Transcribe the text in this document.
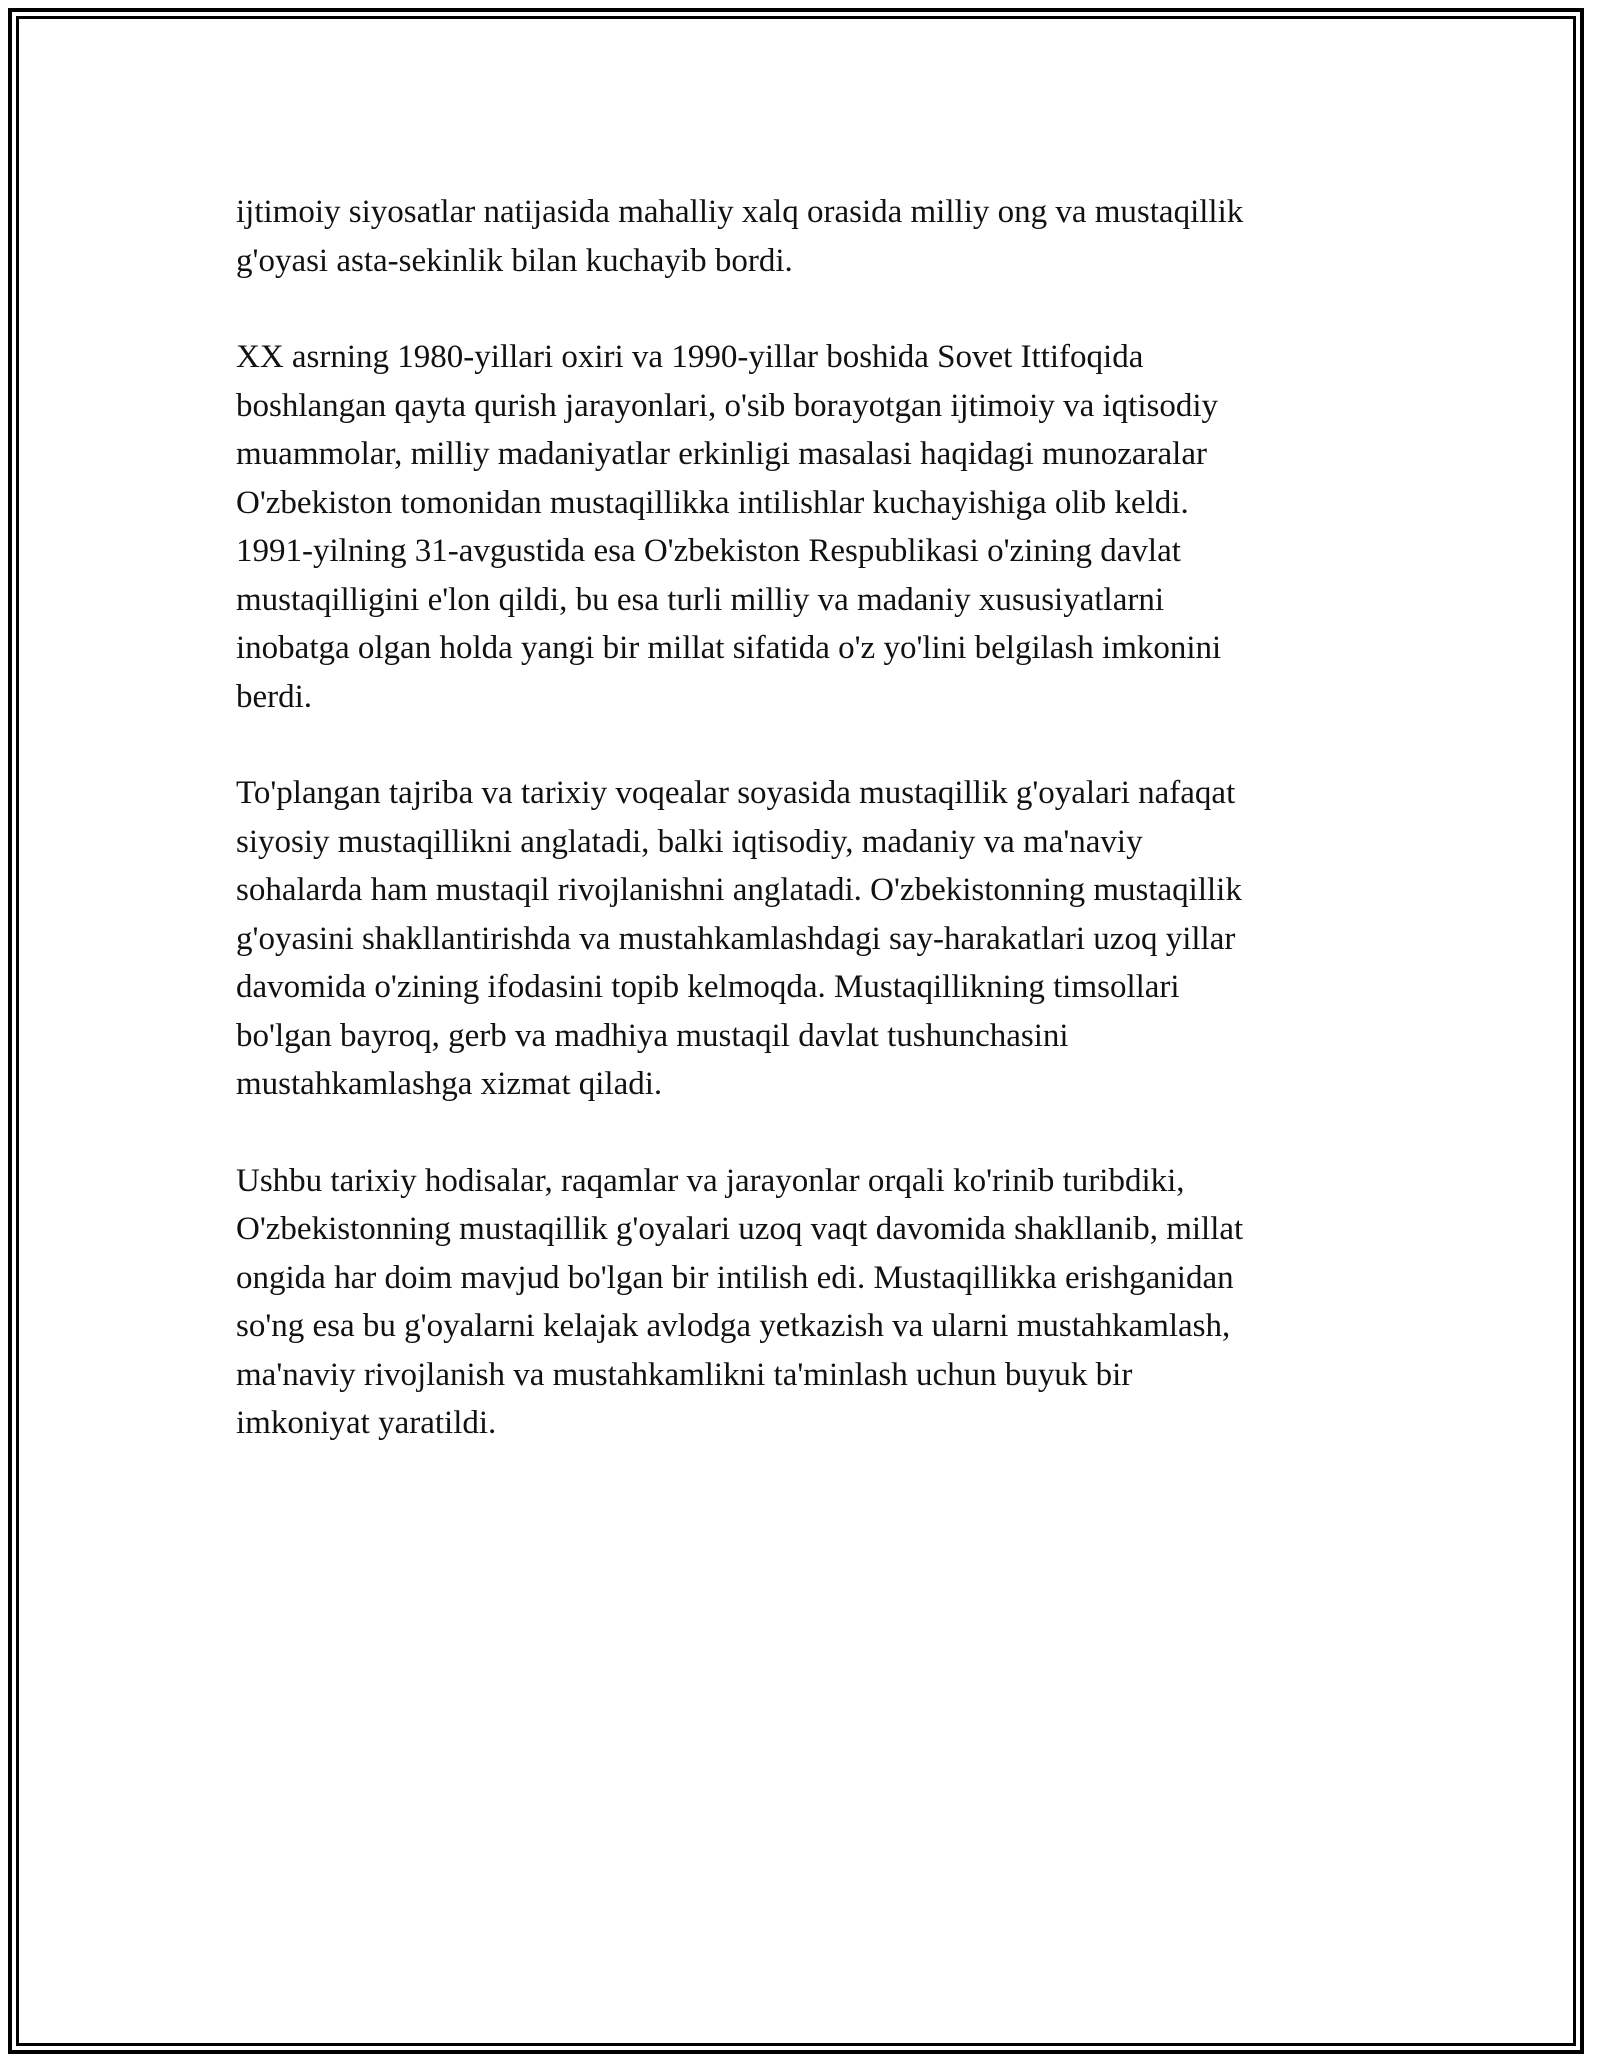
ijtimoiy siyosatlar natijasida mahalliy xalq orasida milliy ong va mustaqillik
g'oyasi asta-sekinlik bilan kuchayib bordi.

XX asrning 1980-yillari oxiri va 1990-yillar boshida Sovet Ittifoqida
boshlangan qayta qurish jarayonlari, o'sib borayotgan ijtimoiy va iqtisodiy
muammolar, milliy madaniyatlar erkinligi masalasi haqidagi munozaralar
O'zbekiston tomonidan mustaqillikka intilishlar kuchayishiga olib keldi.
1991-yilning 31-avgustida esa O'zbekiston Respublikasi o'zining davlat
mustaqilligini e'lon qildi, bu esa turli milliy va madaniy xususiyatlarni
inobatga olgan holda yangi bir millat sifatida o'z yo'lini belgilash imkonini
berdi.

To'plangan tajriba va tarixiy voqealar soyasida mustaqillik g'oyalari nafaqat
siyosiy mustaqillikni anglatadi, balki iqtisodiy, madaniy va ma'naviy
sohalarda ham mustaqil rivojlanishni anglatadi. O'zbekistonning mustaqillik
g'oyasini shakllantirishda va mustahkamlashdagi say-harakatlari uzoq yillar
davomida o'zining ifodasini topib kelmoqda. Mustaqillikning timsollari
bo'lgan bayroq, gerb va madhiya mustaqil davlat tushunchasini
mustahkamlashga xizmat qiladi.

Ushbu tarixiy hodisalar, raqamlar va jarayonlar orqali ko'rinib turibdiki,
O'zbekistonning mustaqillik g'oyalari uzoq vaqt davomida shakllanib, millat
ongida har doim mavjud bo'lgan bir intilish edi. Mustaqillikka erishganidan
so'ng esa bu g'oyalarni kelajak avlodga yetkazish va ularni mustahkamlash,
ma'naviy rivojlanish va mustahkamlikni ta'minlash uchun buyuk bir
imkoniyat yaratildi.
